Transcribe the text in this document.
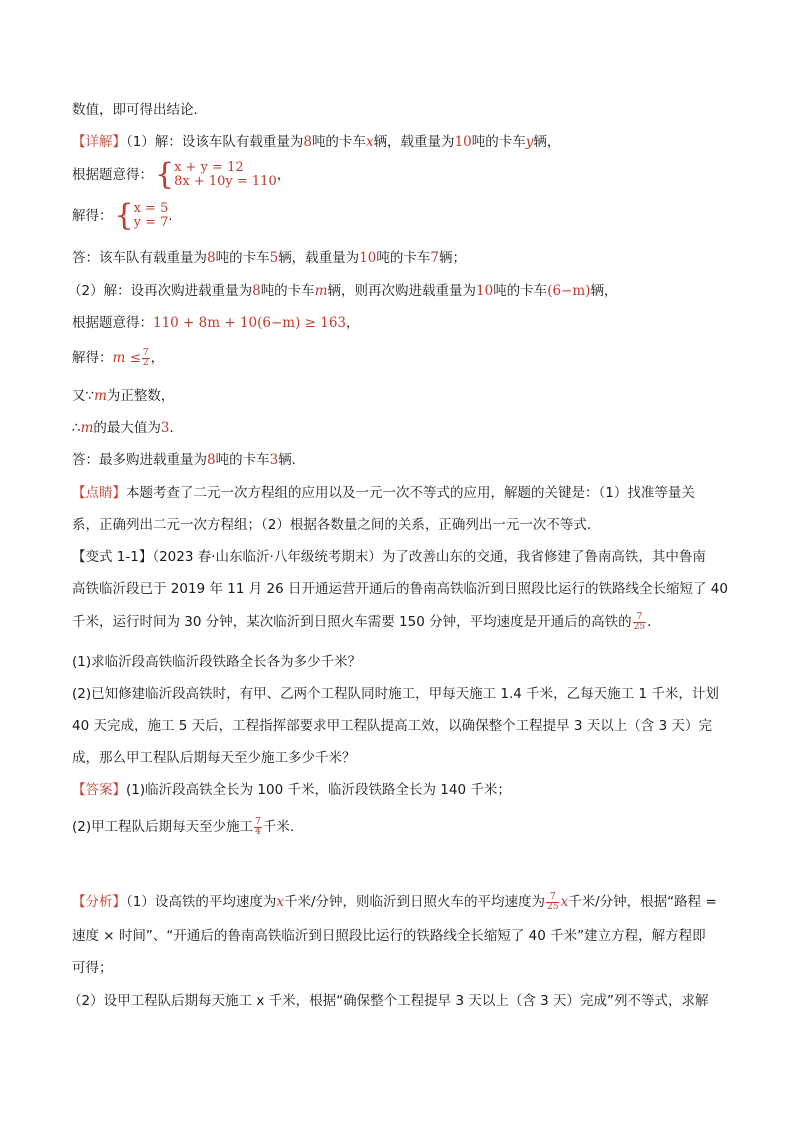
数值，即可得出结论．
【详解】（1）解：设该车队有载重量为8吨的卡车x辆，载重量为10吨的卡车y辆，
根据题意得：{ x + y = 12
8x + 10y = 110 ，
解得：{ x = 5
y = 7 ．
答：该车队有载重量为8吨的卡车5辆，载重量为10吨的卡车7辆；
（2）解：设再次购进载重量为8吨的卡车m辆，则再次购进载重量为10吨的卡车(6−m)辆，
根据题意得：110 + 8m + 10(6−m) ≥ 163，
解得：$m \le \frac{7}{2}$ ，
又∵m为正整数，
∴m的最大值为3．
答：最多购进载重量为8吨的卡车3辆．
【点睛】本题考查了二元一次方程组的应用以及一元一次不等式的应用，解题的关键是：（1）找准等量关
系，正确列出二元一次方程组；（2）根据各数量之间的关系，正确列出一元一次不等式．
【变式 1-1】（2023 春·山东临沂·八年级统考期末）为了改善山东的交通，我省修建了鲁南高铁，其中鲁南
高铁临沂段已于 2019 年 11 月 26 日开通运营开通后的鲁南高铁临沂到日照段比运行的铁路线全长缩短了 40
千米，运行时间为 30 分钟，某次临沂到日照火车需要 150 分钟，平均速度是开通后的高铁的 $\frac{7}{25}$ ．
(1)求临沂段高铁临沂段铁路全长各为多少千米？
(2)已知修建临沂段高铁时，有甲、乙两个工程队同时施工，甲每天施工 1.4 千米，乙每天施工 1 千米，计划
40 天完成，施工 5 天后，工程指挥部要求甲工程队提高工效，以确保整个工程提早 3 天以上（含 3 天）完
成，那么甲工程队后期每天至少施工多少千米？
【答案】(1)临沂段高铁全长为 100 千米，临沂段铁路全长为 140 千米；
(2)甲工程队后期每天至少施工 $\frac{7}{4}$ 千米．
【分析】（1）设高铁的平均速度为x千米/分钟，则临沂到日照火车的平均速度为 $\frac{7}{25}$ x千米/分钟，根据“路程 =
速度 × 时间”、“开通后的鲁南高铁临沂到日照段比运行的铁路线全长缩短了 40 千米”建立方程，解方程即
可得；
（2）设甲工程队后期每天施工 x 千米，根据“确保整个工程提早 3 天以上（含 3 天）完成”列不等式，求解
